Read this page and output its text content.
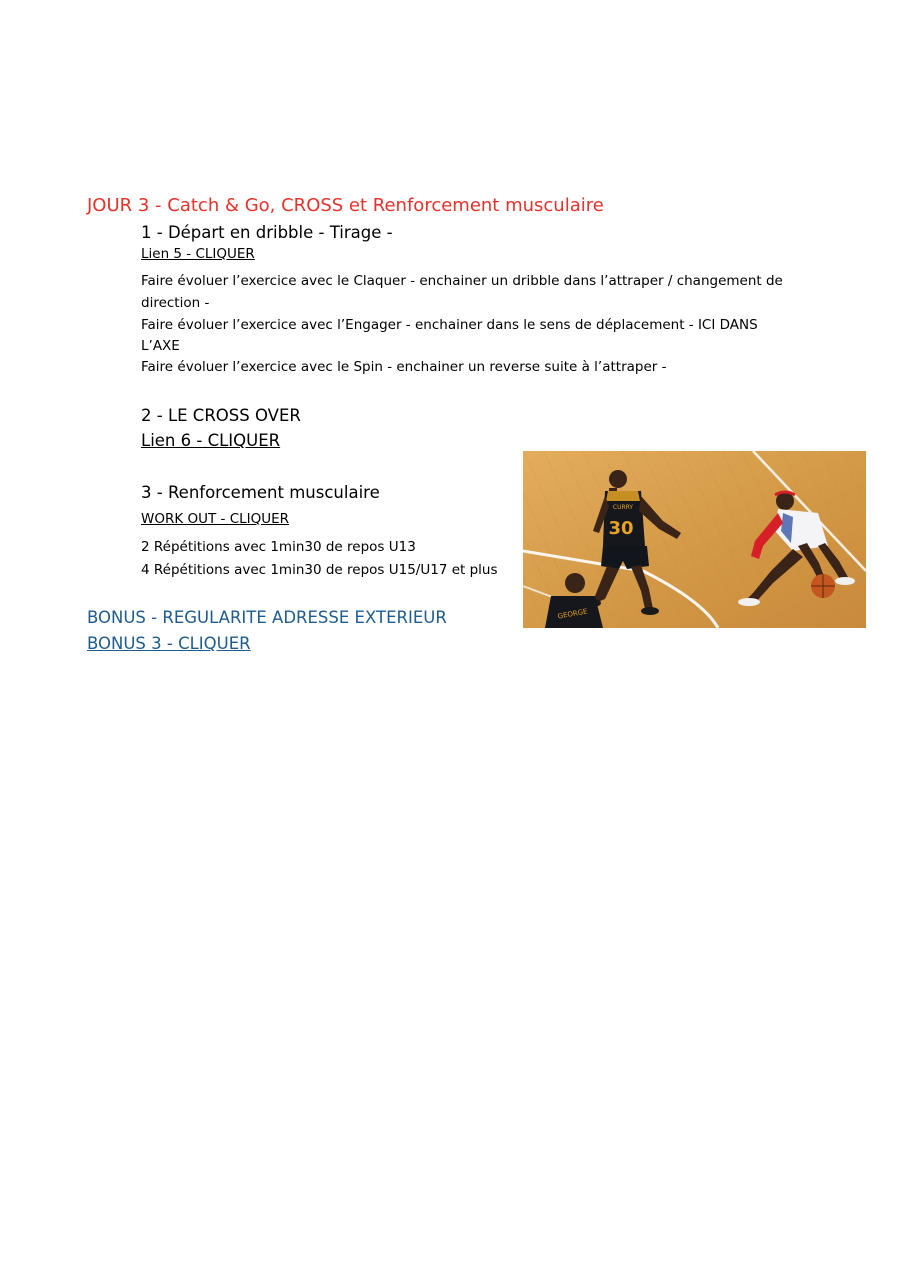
JOUR 3 - Catch & Go, CROSS et Renforcement musculaire
1 - Départ en dribble - Tirage -
Lien 5 - CLIQUER
Faire évoluer l’exercice avec le Claquer - enchainer un dribble dans l’attraper / changement de
direction -
Faire évoluer l’exercice avec l’Engager - enchainer dans le sens de déplacement - ICI DANS
L’AXE
Faire évoluer l’exercice avec le Spin - enchainer un reverse suite à l’attraper -
2 - LE CROSS OVER
Lien 6 - CLIQUER
3 - Renforcement musculaire
WORK OUT - CLIQUER
2 Répétitions avec 1min30 de repos U13
4 Répétitions avec 1min30 de repos U15/U17 et plus
BONUS - REGULARITE ADRESSE EXTERIEUR
BONUS 3 - CLIQUER
30
CURRY
GEORGE
